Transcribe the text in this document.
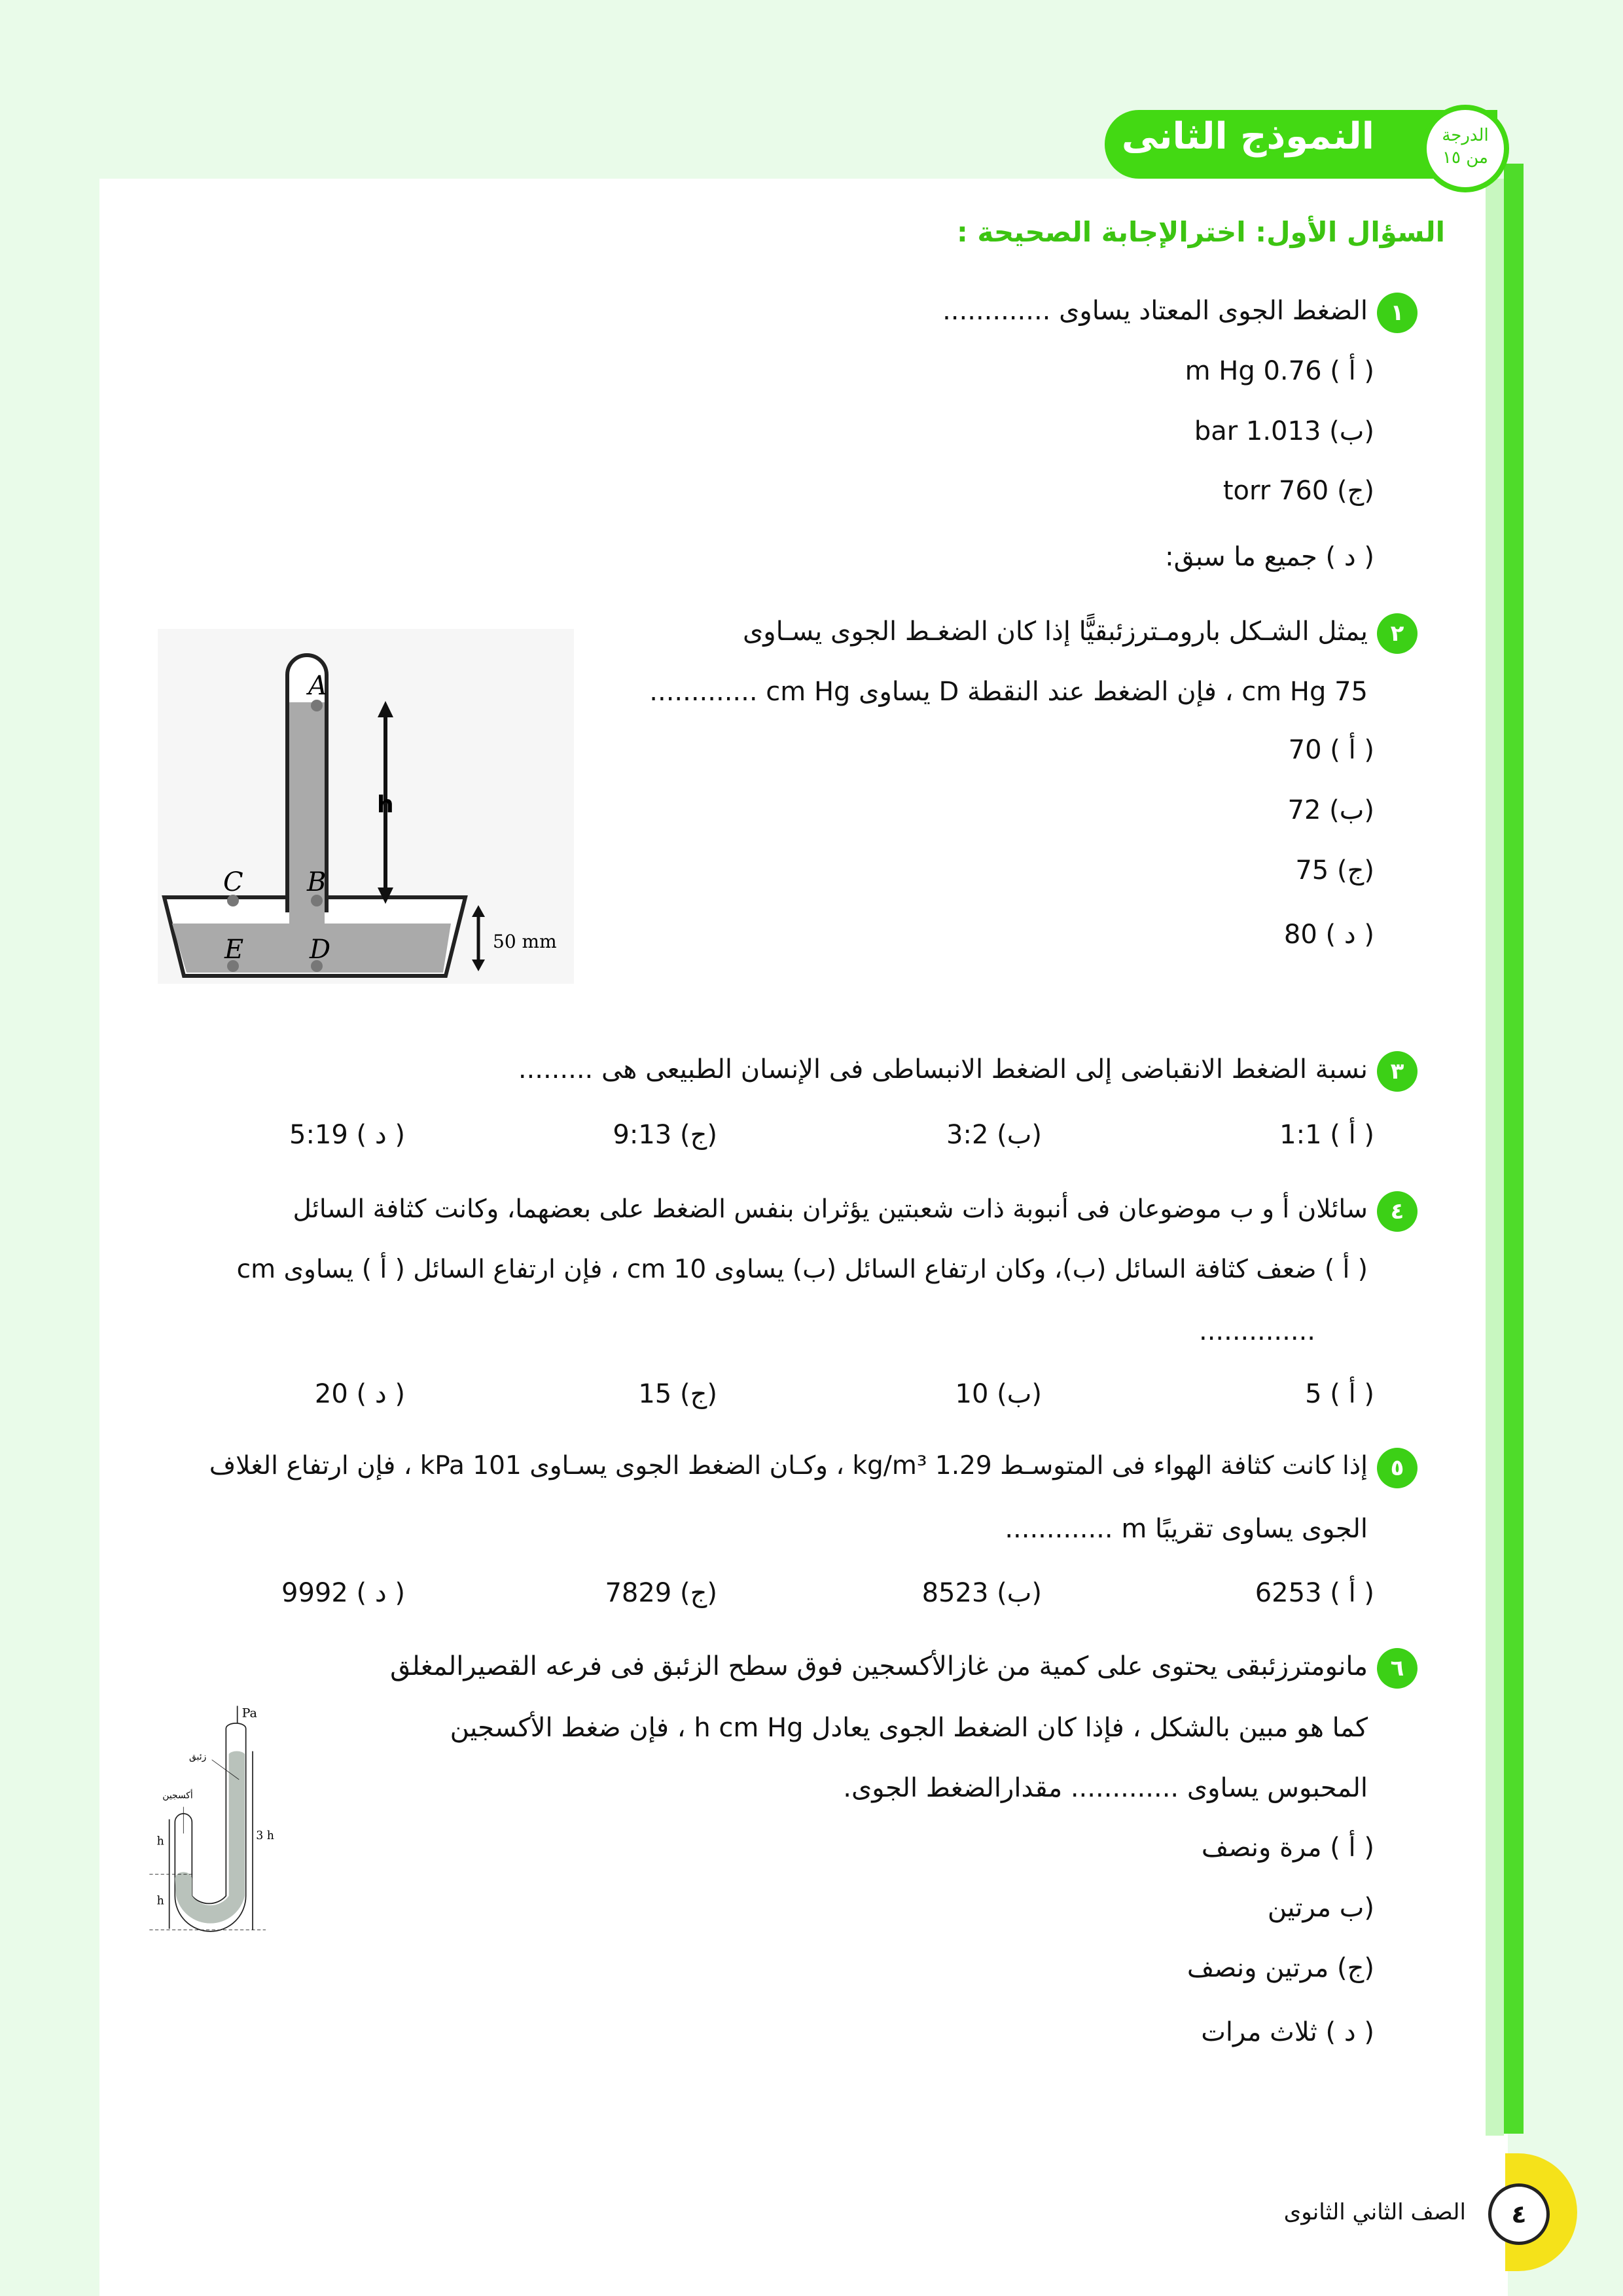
النموذج الثانى	الدرجة
من ١٥
السؤال الأول: اخترالإجابة الصحيحة :
١
الضغط الجوى المعتاد يساوى .............
( أ ) 0.76 m Hg
(ب) 1.013 bar
(ج) 760 torr
( د ) جميع ما سبق:
٢
يمثل الشـكل بارومـترزئبقيًّا إذا كان الضغـط الجوى يسـاوى
75 cm Hg ، فإن الضغط عند النقطة D يساوى cm Hg .............
( أ ) 70
(ب) 72
(ج) 75
( د ) 80
A
B
C
D
E
h
50 mm
٣
نسبة الضغط الانقباضى إلى الضغط الانبساطى فى الإنسان الطبيعى هى .........
( أ ) 1:1
(ب) 3:2
(ج) 9:13
( د ) 5:19
٤
سائلان أ و ب موضوعان فى أنبوبة ذات شعبتين يؤثران بنفس الضغط على بعضهما، وكانت كثافة السائل
( أ ) ضعف كثافة السائل (ب)، وكان ارتفاع السائل (ب) يساوى 10 cm ، فإن ارتفاع السائل ( أ ) يساوى cm
..............
( أ ) 5
(ب) 10
(ج) 15
( د ) 20
٥
إذا كانت كثافة الهواء فى المتوسـط 1.29 kg/m³ ، وكـان الضغط الجوى يسـاوى 101 kPa ، فإن ارتفاع الغلاف
الجوى يساوى تقريبًا m .............
( أ ) 6253
(ب) 8523
(ج) 7829
( د ) 9992
٦
مانومترزئبقى يحتوى على كمية من غازالأكسجين فوق سطح الزئبق فى فرعه القصيرالمغلق
كما هو مبين بالشكل ، فإذا كان الضغط الجوى يعادل h cm Hg ، فإن ضغط الأكسجين
المحبوس يساوى ............. مقدارالضغط الجوى.
( أ ) مرة ونصف
(ب مرتين
(ج) مرتين ونصف
( د ) ثلاث مرات
Pa
زئبق
أكسجين
h
h
3 h
٤
الصف الثاني الثانوى
